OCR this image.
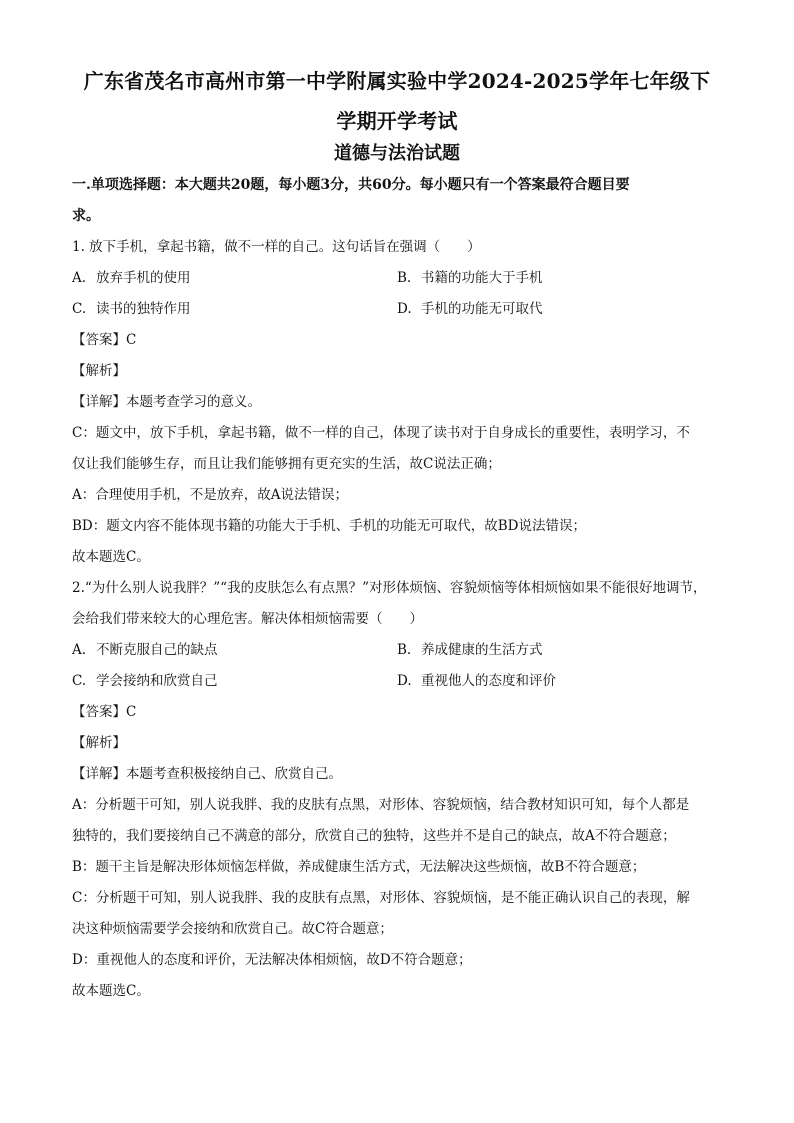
广东省茂名市高州市第一中学附属实验中学2024-2025学年七年级下
学期开学考试
道德与法治试题
一.单项选择题：本大题共20题，每小题3分，共60分。每小题只有一个答案最符合题目要
求。
1. 放下手机，拿起书籍，做不一样的自己。这句话旨在强调（　　）
A. 放弃手机的使用	B. 书籍的功能大于手机
C. 读书的独特作用	D. 手机的功能无可取代
【答案】C
【解析】
【详解】本题考查学习的意义。
C：题文中，放下手机，拿起书籍，做不一样的自己，体现了读书对于自身成长的重要性，表明学习，不
仅让我们能够生存，而且让我们能够拥有更充实的生活，故C说法正确；
A：合理使用手机，不是放弃，故A说法错误；
BD：题文内容不能体现书籍的功能大于手机、手机的功能无可取代，故BD说法错误；
故本题选C。
2.“为什么别人说我胖？”“我的皮肤怎么有点黑？”对形体烦恼、容貌烦恼等体相烦恼如果不能很好地调节，
会给我们带来较大的心理危害。解决体相烦恼需要（　　）
A. 不断克服自己的缺点	B. 养成健康的生活方式
C. 学会接纳和欣赏自己	D. 重视他人的态度和评价
【答案】C
【解析】
【详解】本题考查积极接纳自己、欣赏自己。
A：分析题干可知，别人说我胖、我的皮肤有点黑，对形体、容貌烦恼，结合教材知识可知，每个人都是
独特的，我们要接纳自己不满意的部分，欣赏自己的独特，这些并不是自己的缺点，故A不符合题意；
B：题干主旨是解决形体烦恼怎样做，养成健康生活方式，无法解决这些烦恼，故B不符合题意；
C：分析题干可知，别人说我胖、我的皮肤有点黑，对形体、容貌烦恼，是不能正确认识自己的表现，解
决这种烦恼需要学会接纳和欣赏自己。故C符合题意；
D：重视他人的态度和评价，无法解决体相烦恼，故D不符合题意；
故本题选C。
